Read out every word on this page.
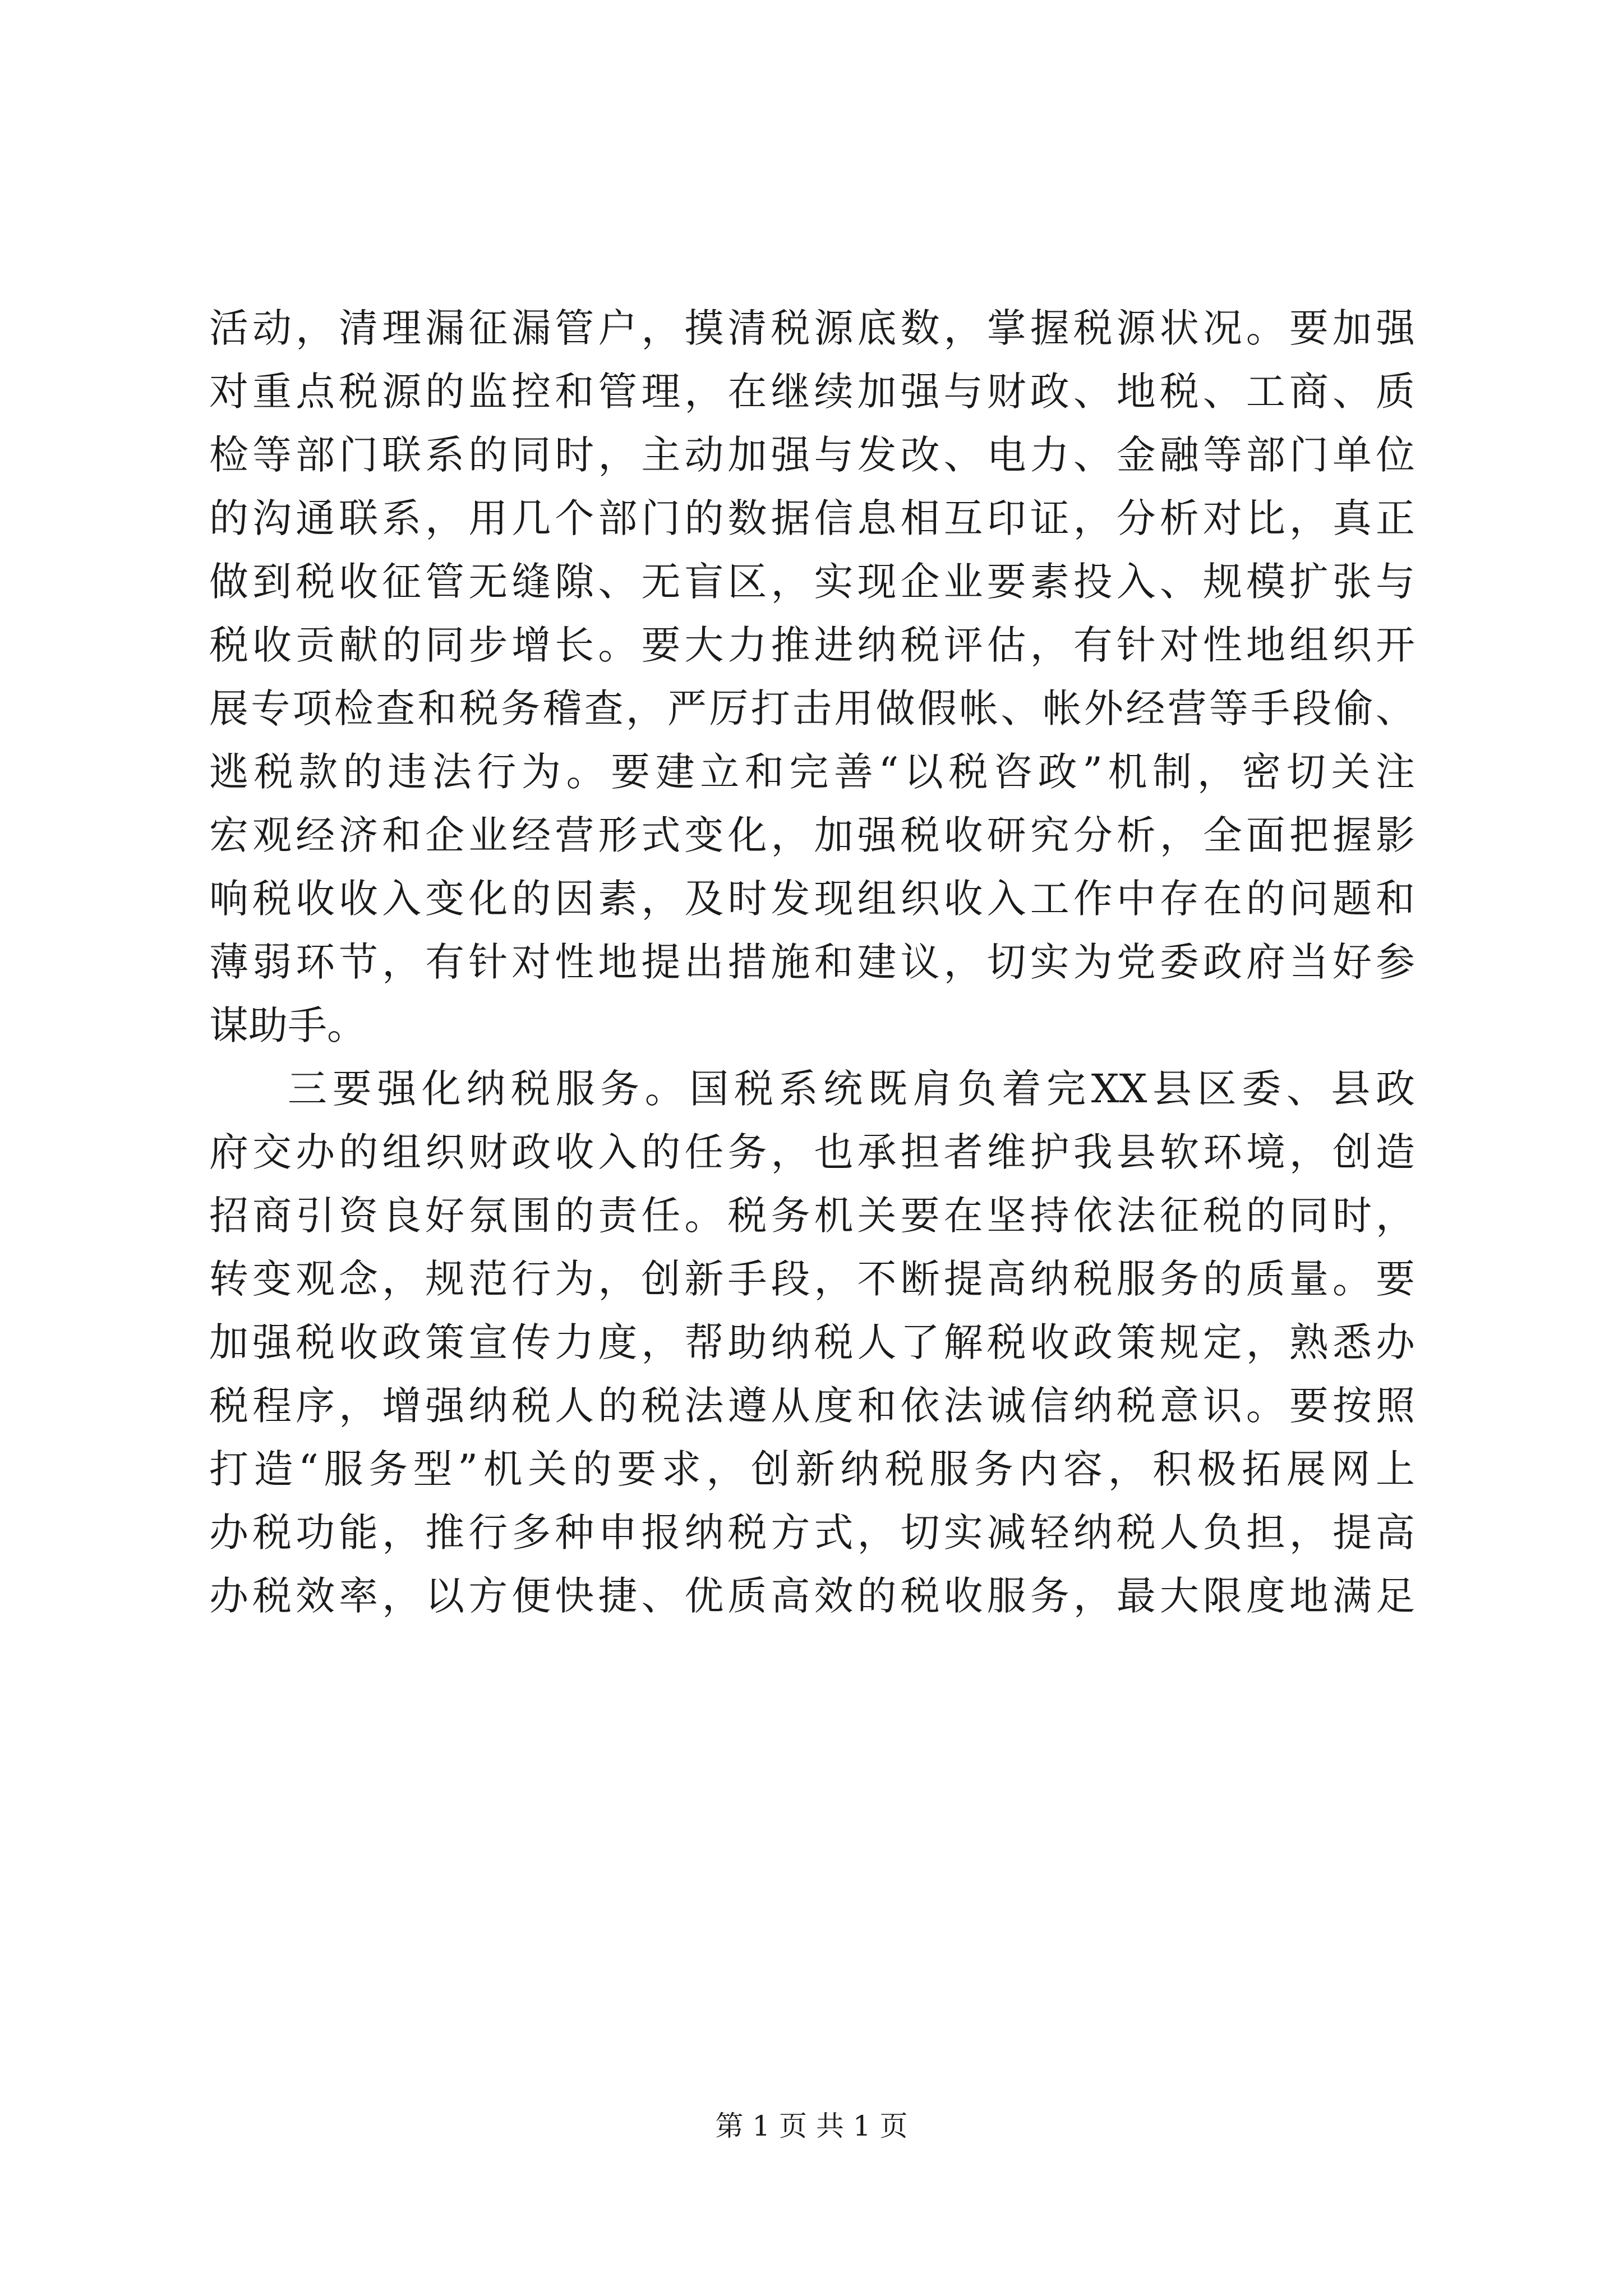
活动，清理漏征漏管户，摸清税源底数，掌握税源状况。要加强
对重点税源的监控和管理，在继续加强与财政、地税、工商、质
检等部门联系的同时，主动加强与发改、电力、金融等部门单位
的沟通联系，用几个部门的数据信息相互印证，分析对比，真正
做到税收征管无缝隙、无盲区，实现企业要素投入、规模扩张与
税收贡献的同步增长。要大力推进纳税评估，有针对性地组织开
展专项检查和税务稽查，严厉打击用做假帐、帐外经营等手段偷、
逃税款的违法行为。要建立和完善“以税咨政”机制，密切关注
宏观经济和企业经营形式变化，加强税收研究分析，全面把握影
响税收收入变化的因素，及时发现组织收入工作中存在的问题和
薄弱环节，有针对性地提出措施和建议，切实为党委政府当好参
谋助手。
三要强化纳税服务。国税系统既肩负着完XX县区委、县政
府交办的组织财政收入的任务，也承担者维护我县软环境，创造
招商引资良好氛围的责任。税务机关要在坚持依法征税的同时，
转变观念，规范行为，创新手段，不断提高纳税服务的质量。要
加强税收政策宣传力度，帮助纳税人了解税收政策规定，熟悉办
税程序，增强纳税人的税法遵从度和依法诚信纳税意识。要按照
打造“服务型”机关的要求，创新纳税服务内容，积极拓展网上
办税功能，推行多种申报纳税方式，切实减轻纳税人负担，提高
办税效率，以方便快捷、优质高效的税收服务，最大限度地满足
第 1 页 共 1 页
